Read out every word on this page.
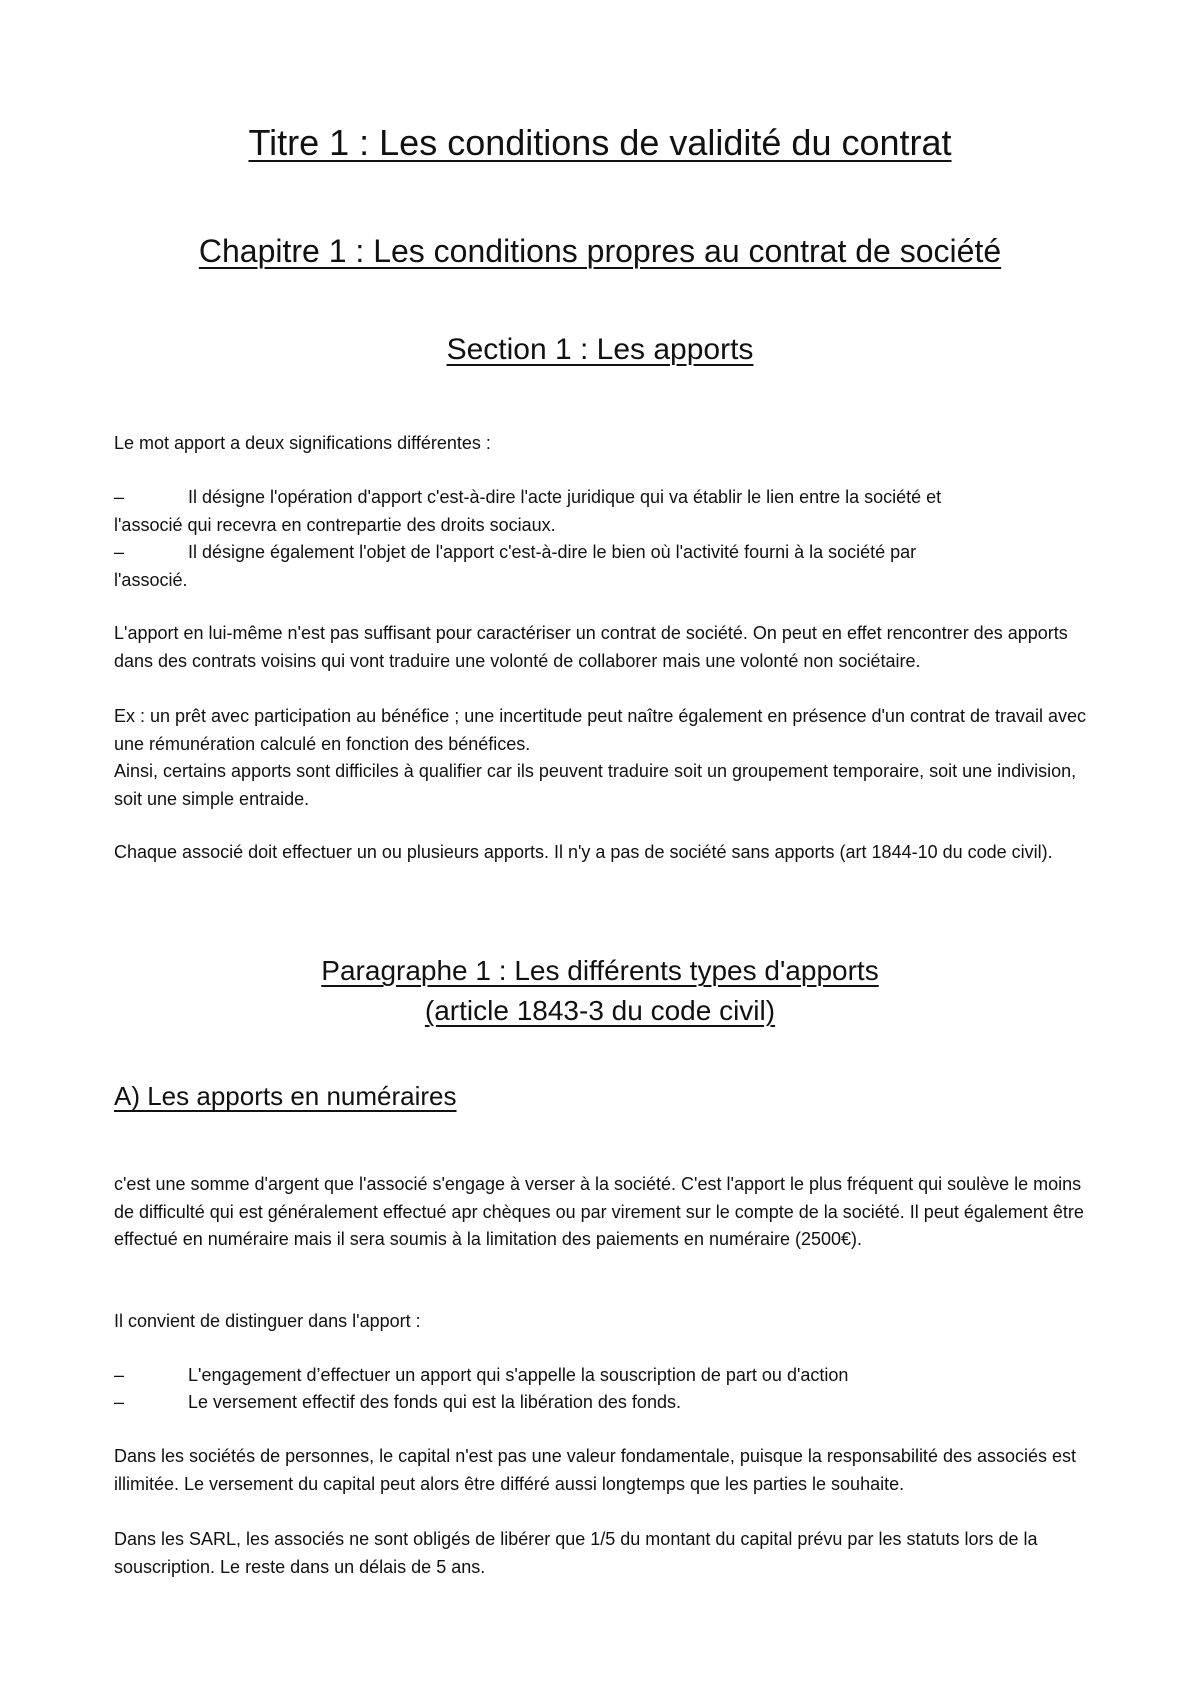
Titre 1 : Les conditions de validité du contrat
Chapitre 1 : Les conditions propres au contrat de société
Section 1 : Les apports

Le mot apport a deux significations différentes :

–	Il désigne l'opération d'apport c'est-à-dire l'acte juridique qui va établir le lien entre la société et
l'associé qui recevra en contrepartie des droits sociaux.
–	Il désigne également l'objet de l'apport c'est-à-dire le bien où l'activité fourni à la société par
l'associé.

L'apport en lui-même n'est pas suffisant pour caractériser un contrat de société. On peut en effet rencontrer des apports dans des contrats voisins qui vont traduire une volonté de collaborer mais une volonté non sociétaire.

Ex : un prêt avec participation au bénéfice ; une incertitude peut naître également en présence d'un contrat de travail avec une rémunération calculé en fonction des bénéfices.

Ainsi, certains apports sont difficiles à qualifier car ils peuvent traduire soit un groupement temporaire, soit une indivision, soit une simple entraide.

Chaque associé doit effectuer un ou plusieurs apports. Il n'y a pas de société sans apports (art 1844-10 du code civil).

Paragraphe 1 : Les différents types d'apports
(article 1843-3 du code civil)
A) Les apports en numéraires

c'est une somme d'argent que l'associé s'engage à verser à la société. C'est l'apport le plus fréquent qui soulève le moins de difficulté qui est généralement effectué apr chèques ou par virement sur le compte de la société. Il peut également être effectué en numéraire mais il sera soumis à la limitation des paiements en numéraire (2500€).

Il convient de distinguer dans l'apport :

–	L'engagement d’effectuer un apport qui s'appelle la souscription de part ou d'action
–	Le versement effectif des fonds qui est la libération des fonds.

Dans les sociétés de personnes, le capital n'est pas une valeur fondamentale, puisque la responsabilité des associés est illimitée. Le versement du capital peut alors être différé aussi longtemps que les parties le souhaite.

Dans les SARL, les associés ne sont obligés de libérer que 1/5 du montant du capital prévu par les statuts lors de la souscription. Le reste dans un délais de 5 ans.
